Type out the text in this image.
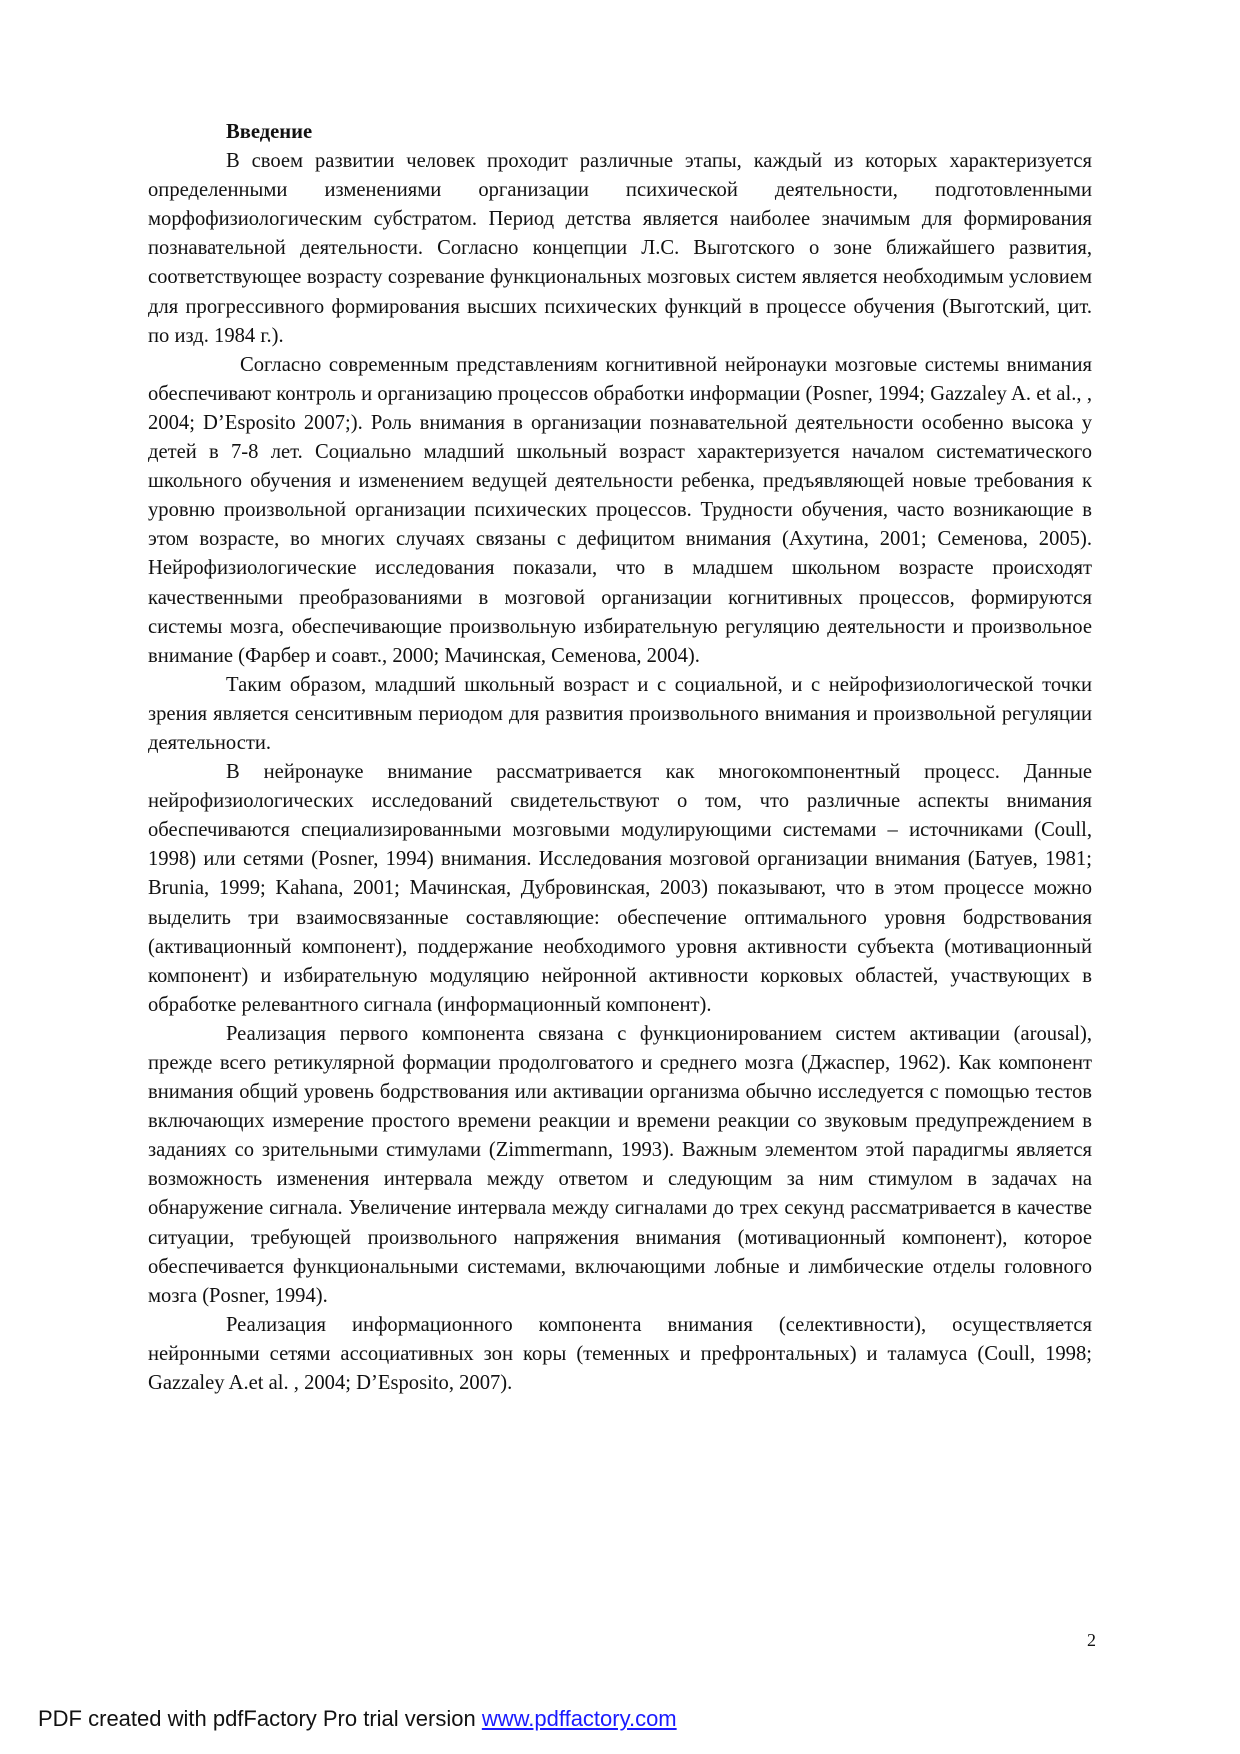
Введение

В своем развитии человек проходит различные этапы, каждый из которых характеризуется определенными изменениями организации психической деятельности, подготовленными морфофизиологическим субстратом. Период детства является наиболее значимым для формирования познавательной деятельности. Согласно концепции Л.С. Выготского о зоне ближайшего развития, соответствующее возрасту созревание функциональных мозговых систем является необходимым условием для прогрессивного формирования высших психических функций в процессе обучения (Выготский, цит. по изд. 1984 г.).

Согласно современным представлениям когнитивной нейронауки мозговые системы внимания обеспечивают контроль и организацию процессов обработки информации (Posner, 1994; Gazzaley A. et al., , 2004; D’Esposito 2007;). Роль внимания в организации познавательной деятельности особенно высока у детей в 7-8 лет. Социально младший школьный возраст характеризуется началом систематического школьного обучения и изменением ведущей деятельности ребенка, предъявляющей новые требования к уровню произвольной организации психических процессов. Трудности обучения, часто возникающие в этом возрасте, во многих случаях связаны с дефицитом внимания (Ахутина, 2001; Семенова, 2005). Нейрофизиологические исследования показали, что в младшем школьном возрасте происходят качественными преобразованиями в мозговой организации когнитивных процессов, формируются системы мозга, обеспечивающие произвольную избирательную регуляцию деятельности и произвольное внимание (Фарбер и соавт., 2000; Мачинская, Семенова, 2004).

Таким образом, младший школьный возраст и с социальной, и с нейрофизиологической точки зрения является сенситивным периодом для развития произвольного внимания и произвольной регуляции деятельности.

В нейронауке внимание рассматривается как многокомпонентный процесс. Данные нейрофизиологических исследований свидетельствуют о том, что различные аспекты внимания обеспечиваются специализированными мозговыми модулирующими системами – источниками (Coull, 1998) или сетями (Posner, 1994) внимания. Исследования мозговой организации внимания (Батуев, 1981; Brunia, 1999; Kahana, 2001; Мачинская, Дубровинская, 2003) показывают, что в этом процессе можно выделить три взаимосвязанные составляющие: обеспечение оптимального уровня бодрствования (активационный компонент), поддержание необходимого уровня активности субъекта (мотивационный компонент) и избирательную модуляцию нейронной активности корковых областей, участвующих в обработке релевантного сигнала (информационный компонент).

Реализация первого компонента связана с функционированием систем активации (arousal), прежде всего ретикулярной формации продолговатого и среднего мозга (Джаспер, 1962). Как компонент внимания общий уровень бодрствования или активации организма обычно исследуется с помощью тестов включающих измерение простого времени реакции и времени реакции со звуковым предупреждением в заданиях со зрительными стимулами (Zimmermann, 1993). Важным элементом этой парадигмы является возможность изменения интервала между ответом и следующим за ним стимулом в задачах на обнаружение сигнала. Увеличение интервала между сигналами до трех секунд рассматривается в качестве ситуации, требующей произвольного напряжения внимания (мотивационный компонент), которое обеспечивается функциональными системами, включающими лобные и лимбические отделы головного мозга (Posner, 1994).

Реализация информационного компонента внимания (селективности), осуществляется нейронными сетями ассоциативных зон коры (теменных и префронтальных) и таламуса (Coull, 1998; Gazzaley A.et al. , 2004; D’Esposito, 2007).

2
PDF created with pdfFactory Pro trial version www.pdffactory.com
